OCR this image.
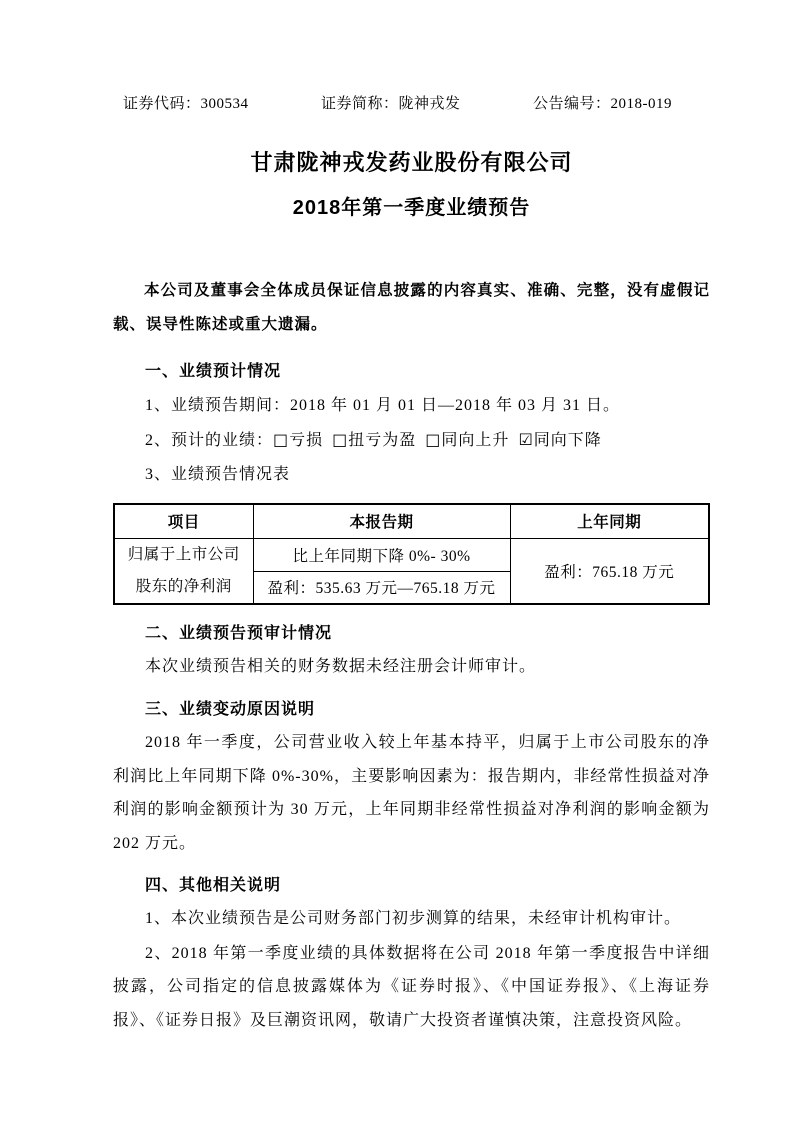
证券代码：300534	证券简称：陇神戎发	公告编号：2018-019
甘肃陇神戎发药业股份有限公司
2018年第一季度业绩预告

本公司及董事会全体成员保证信息披露的内容真实、准确、完整，没有虚假记载、误导性陈述或重大遗漏。

一、业绩预计情况
1、业绩预告期间：2018 年 01 月 01 日—2018 年 03 月 31 日。
2、预计的业绩：□亏损 □扭亏为盈 □同向上升 ☑同向下降
3、业绩预告情况表
项目	本报告期	上年同期

归属于上市公司
股东的净利润	比上年同期下降 0%- 30%	盈利：765.18 万元
	盈利：535.63 万元—765.18 万元	
二、业绩预告预审计情况
本次业绩预告相关的财务数据未经注册会计师审计。
三、业绩变动原因说明

2018 年一季度，公司营业收入较上年基本持平，归属于上市公司股东的净利润比上年同期下降 0%-30%，主要影响因素为：报告期内，非经常性损益对净利润的影响金额预计为 30 万元，上年同期非经常性损益对净利润的影响金额为 202 万元。

四、其他相关说明
1、本次业绩预告是公司财务部门初步测算的结果，未经审计机构审计。

2、2018 年第一季度业绩的具体数据将在公司 2018 年第一季度报告中详细披露，公司指定的信息披露媒体为《证券时报》、《中国证券报》、《上海证券报》、《证券日报》及巨潮资讯网，敬请广大投资者谨慎决策，注意投资风险。
